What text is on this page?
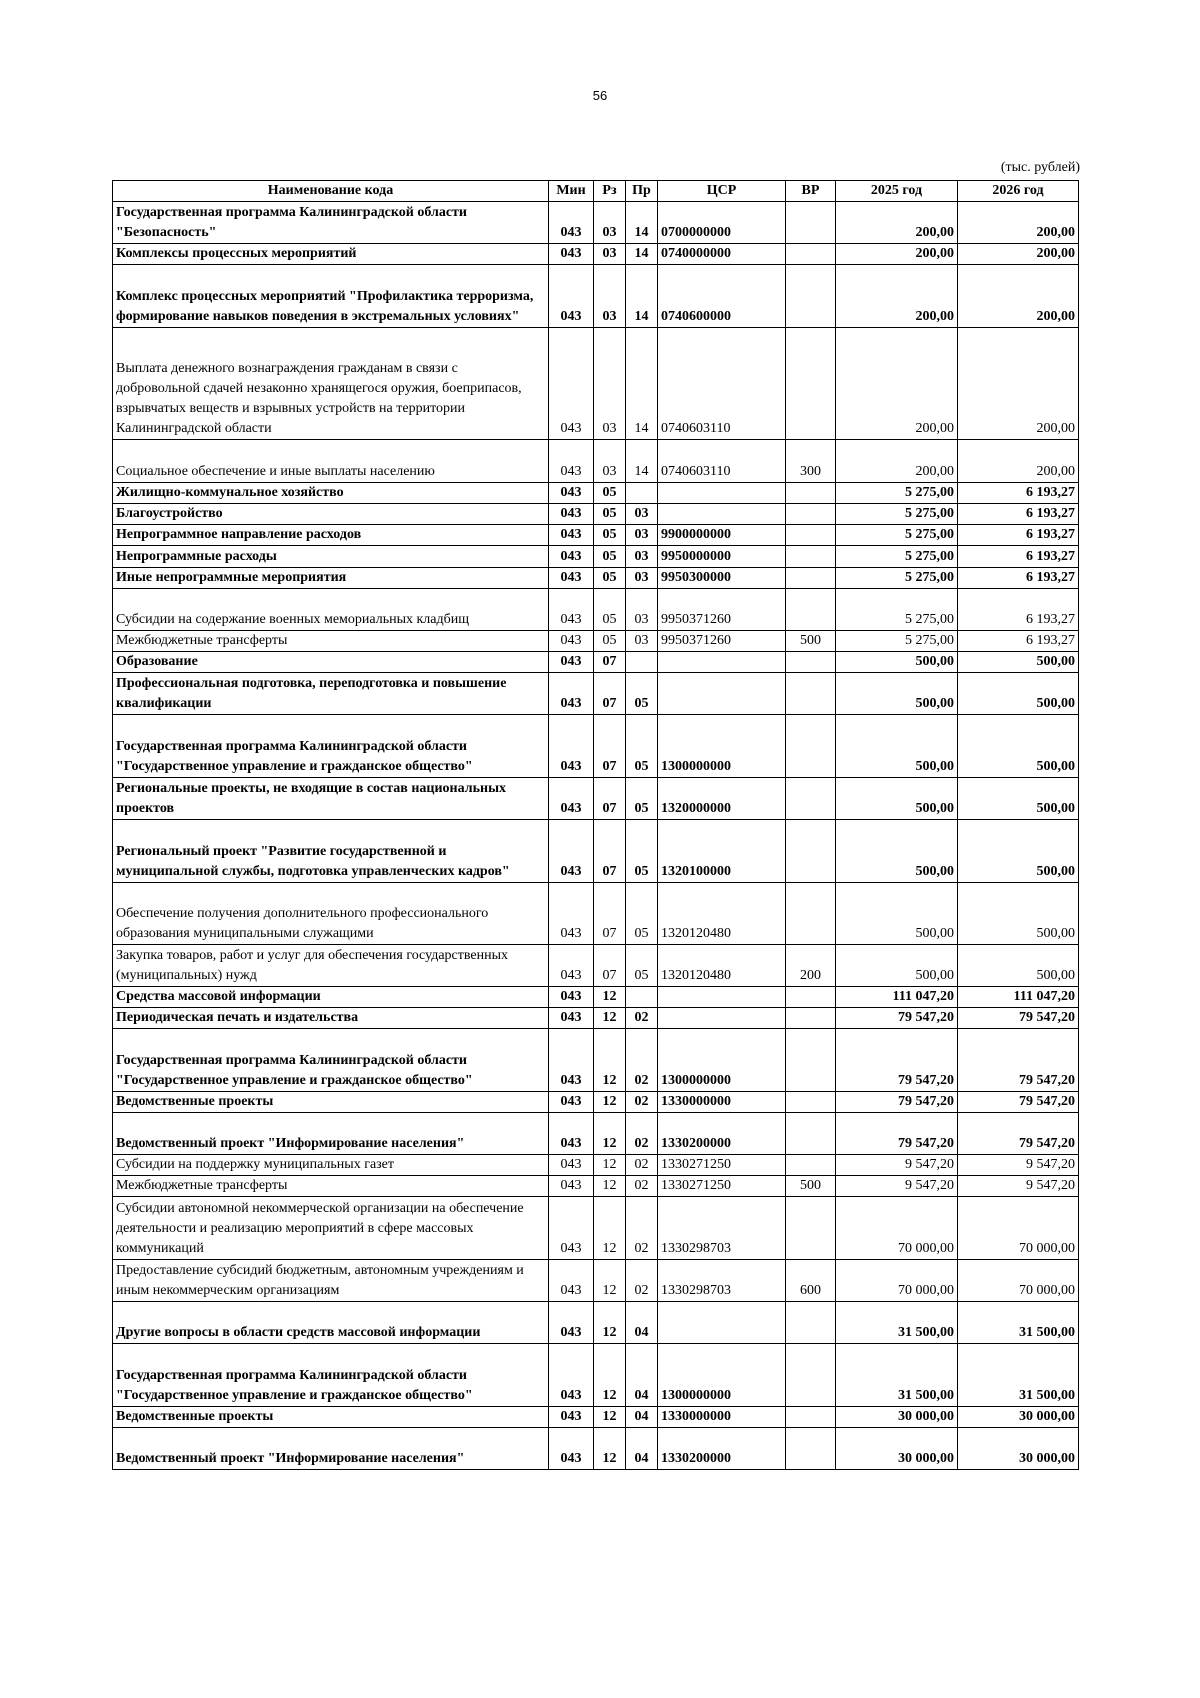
56
(тыс. рублей)
Наименование кода	Мин	Рз	Пр	ЦСР	ВР	2025 год	2026 год
Государственная программа Калининградской области "Безопасность"	043	03	14	0700000000		200,00	200,00
Комплексы процессных мероприятий	043	03	14	0740000000		200,00	200,00
Комплекс процессных мероприятий "Профилактика терроризма, формирование навыков поведения в экстремальных условиях"	043	03	14	0740600000		200,00	200,00
Выплата денежного вознаграждения гражданам в связи с добровольной сдачей незаконно хранящегося оружия, боеприпасов, взрывчатых веществ и взрывных устройств на территории Калининградской области	043	03	14	0740603110		200,00	200,00
Социальное обеспечение и иные выплаты населению	043	03	14	0740603110	300	200,00	200,00
Жилищно-коммунальное хозяйство	043	05				5 275,00	6 193,27
Благоустройство	043	05	03			5 275,00	6 193,27
Непрограммное направление расходов	043	05	03	9900000000		5 275,00	6 193,27
Непрограммные расходы	043	05	03	9950000000		5 275,00	6 193,27
Иные непрограммные мероприятия	043	05	03	9950300000		5 275,00	6 193,27
Субсидии на содержание военных мемориальных кладбищ	043	05	03	9950371260		5 275,00	6 193,27
Межбюджетные трансферты	043	05	03	9950371260	500	5 275,00	6 193,27
Образование	043	07				500,00	500,00
Профессиональная подготовка, переподготовка и повышение квалификации	043	07	05			500,00	500,00
Государственная программа Калининградской области "Государственное управление и гражданское общество"	043	07	05	1300000000		500,00	500,00
Региональные проекты, не входящие в состав национальных проектов	043	07	05	1320000000		500,00	500,00
Региональный проект "Развитие государственной и муниципальной службы, подготовка управленческих кадров"	043	07	05	1320100000		500,00	500,00
Обеспечение получения дополнительного профессионального образования муниципальными служащими	043	07	05	1320120480		500,00	500,00
Закупка товаров, работ и услуг для обеспечения государственных (муниципальных) нужд	043	07	05	1320120480	200	500,00	500,00
Средства массовой информации	043	12				111 047,20	111 047,20
Периодическая печать и издательства	043	12	02			79 547,20	79 547,20
Государственная программа Калининградской области "Государственное управление и гражданское общество"	043	12	02	1300000000		79 547,20	79 547,20
Ведомственные проекты	043	12	02	1330000000		79 547,20	79 547,20
Ведомственный проект "Информирование населения"	043	12	02	1330200000		79 547,20	79 547,20
Субсидии на поддержку муниципальных газет	043	12	02	1330271250		9 547,20	9 547,20
Межбюджетные трансферты	043	12	02	1330271250	500	9 547,20	9 547,20
Субсидии автономной некоммерческой организации на обеспечение деятельности и реализацию мероприятий в сфере массовых коммуникаций	043	12	02	1330298703		70 000,00	70 000,00
Предоставление субсидий бюджетным, автономным учреждениям и иным некоммерческим организациям	043	12	02	1330298703	600	70 000,00	70 000,00
Другие вопросы в области средств массовой информации	043	12	04			31 500,00	31 500,00
Государственная программа Калининградской области "Государственное управление и гражданское общество"	043	12	04	1300000000		31 500,00	31 500,00
Ведомственные проекты	043	12	04	1330000000		30 000,00	30 000,00
Ведомственный проект "Информирование населения"	043	12	04	1330200000		30 000,00	30 000,00
